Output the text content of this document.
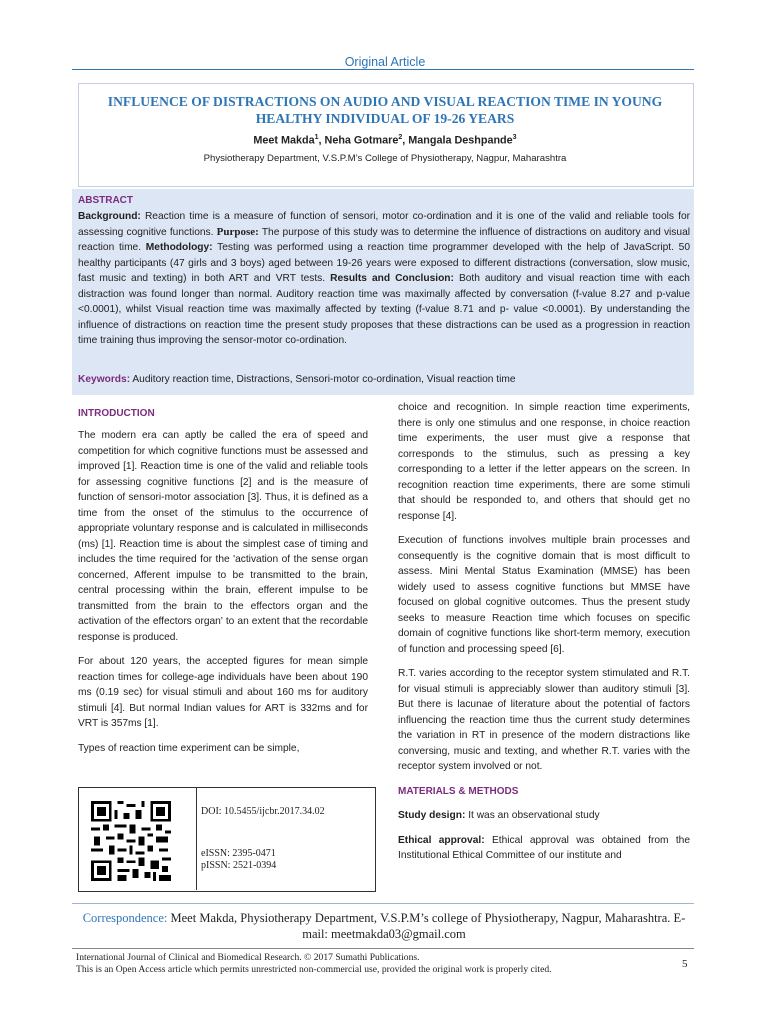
Original Article
INFLUENCE OF DISTRACTIONS ON AUDIO AND VISUAL REACTION TIME IN YOUNG HEALTHY INDIVIDUAL OF 19-26 YEARS
Meet Makda$^1$, Neha Gotmare$^2$, Mangala Deshpande$^3$
Physiotherapy Department, V.S.P.M’s College of Physiotherapy, Nagpur, Maharashtra
ABSTRACT
Background: Reaction time is a measure of function of sensori, motor co-ordination and it is one of the valid and reliable tools for assessing cognitive functions. Purpose: The purpose of this study was to determine the influence of distractions on auditory and visual reaction time. Methodology: Testing was performed using a reaction time programmer developed with the help of JavaScript. 50 healthy participants (47 girls and 3 boys) aged between 19-26 years were exposed to different distractions (conversation, slow music, fast music and texting) in both ART and VRT tests. Results and Conclusion: Both auditory and visual reaction time with each distraction was found longer than normal. Auditory reaction time was maximally affected by conversation (f-value 8.27 and p-value <0.0001), whilst Visual reaction time was maximally affected by texting (f-value 8.71 and p- value <0.0001). By understanding the influence of distractions on reaction time the present study proposes that these distractions can be used as a progression in reaction time training thus improving the sensor-motor co-ordination.
Keywords: Auditory reaction time, Distractions, Sensori-motor co-ordination, Visual reaction time
INTRODUCTION

The modern era can aptly be called the era of speed and competition for which cognitive functions must be assessed and improved [1]. Reaction time is one of the valid and reliable tools for assessing cognitive functions [2] and is the measure of function of sensori-motor association [3]. Thus, it is defined as a time from the onset of the stimulus to the occurrence of appropriate voluntary response and is calculated in milliseconds (ms) [1]. Reaction time is about the simplest case of timing and includes the time required for the 'activation of the sense organ concerned, Afferent impulse to be transmitted to the brain, central processing within the brain, efferent impulse to be transmitted from the brain to the effectors organ and the activation of the effectors organ' to an extent that the recordable response is produced.

For about 120 years, the accepted figures for mean simple reaction times for college-age individuals have been about 190 ms (0.19 sec) for visual stimuli and about 160 ms for auditory stimuli [4]. But normal Indian values for ART is 332ms and for VRT is 357ms [1].

Types of reaction time experiment can be simple,

choice and recognition. In simple reaction time experiments, there is only one stimulus and one response, in choice reaction time experiments, the user must give a response that corresponds to the stimulus, such as pressing a key corresponding to a letter if the letter appears on the screen. In recognition reaction time experiments, there are some stimuli that should be responded to, and others that should get no response [4].

Execution of functions involves multiple brain processes and consequently is the cognitive domain that is most difficult to assess. Mini Mental Status Examination (MMSE) has been widely used to assess cognitive functions but MMSE have focused on global cognitive outcomes. Thus the present study seeks to measure Reaction time which focuses on specific domain of cognitive functions like short-term memory, execution of function and processing speed [6].

R.T. varies according to the receptor system stimulated and R.T. for visual stimuli is appreciably slower than auditory stimuli [3]. But there is lacunae of literature about the potential of factors influencing the reaction time thus the current study determines the variation in RT in presence of the modern distractions like conversing, music and texting, and whether R.T. varies with the receptor system involved or not.

MATERIALS & METHODS

Study design: It was an observational study

Ethical approval: Ethical approval was obtained from the Institutional Ethical Committee of our institute and

DOI: 10.5455/ijcbr.2017.34.02
eISSN: 2395-0471
pISSN: 2521-0394
Correspondence: Meet Makda, Physiotherapy Department, V.S.P.M’s college of Physiotherapy, Nagpur, Maharashtra. E-mail: meetmakda03@gmail.com
International Journal of Clinical and Biomedical Research. © 2017 Sumathi Publications.
This is an Open Access article which permits unrestricted non-commercial use, provided the original work is properly cited.	5
